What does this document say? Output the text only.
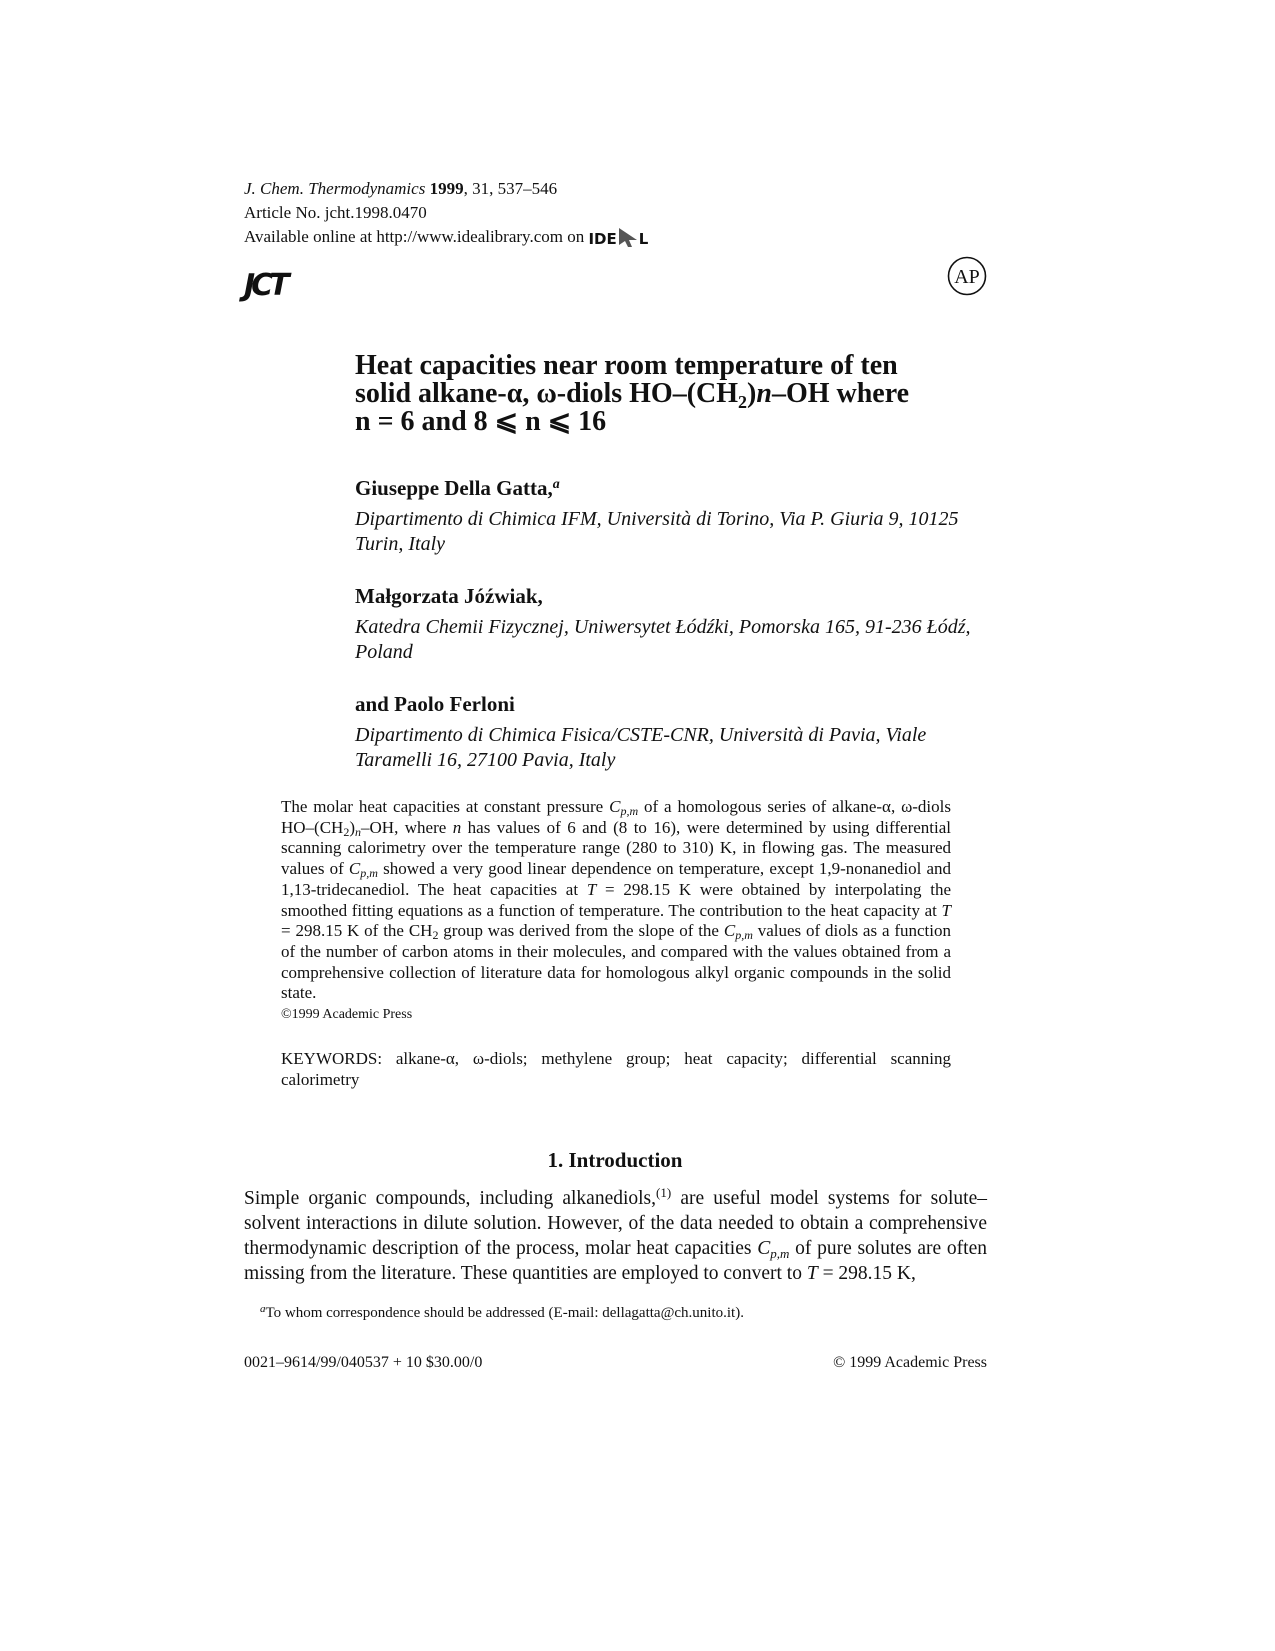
J. Chem. Thermodynamics 1999, 31, 537–546
Article No. jcht.1998.0470
Available online at http://www.idealibrary.com on IDE L
JCT	AP
Heat capacities near room temperature of ten
solid alkane-α, ω-diols $HO-(CH_2)n-OH$ where
n = 6 and 8 ⩽ n ⩽ 16
Giuseppe Della Gatta,$^a$
Dipartimento di Chimica IFM, Università di Torino, Via P. Giuria 9, 10125 Turin, Italy
Małgorzata Jóźwiak,
Katedra Chemii Fizycznej, Uniwersytet Łódźki, Pomorska 165, 91-236 Łódź, Poland
and Paolo Ferloni
Dipartimento di Chimica Fisica/CSTE-CNR, Università di Pavia, Viale Taramelli 16, 27100 Pavia, Italy
The molar heat capacities at constant pressure $C_{p,m}$ of a homologous series of alkane-α, ω-diols $HO-(CH_2)_n-OH$, where n has values of 6 and (8 to 16), were determined by using differential scanning calorimetry over the temperature range (280 to 310) K, in flowing gas. The measured values of $C_{p,m}$ showed a very good linear dependence on temperature, except 1,9-nonanediol and 1,13-tridecanediol. The heat capacities at T = 298.15 K were obtained by interpolating the smoothed fitting equations as a function of temperature. The contribution to the heat capacity at T = 298.15 K of the $CH_2$ group was derived from the slope of the $C_{p,m}$ values of diols as a function of the number of carbon atoms in their molecules, and compared with the values obtained from a comprehensive collection of literature data for homologous alkyl organic compounds in the solid state.
©1999 Academic Press
KEYWORDS: alkane-α, ω-diols; methylene group; heat capacity; differential scanning calorimetry
1. Introduction
Simple organic compounds, including alkanediols,$^{(1)}$ are useful model systems for solute–solvent interactions in dilute solution. However, of the data needed to obtain a comprehensive thermodynamic description of the process, molar heat capacities $C_{p,m}$ of pure solutes are often missing from the literature. These quantities are employed to convert to T = 298.15 K,
$^a$To whom correspondence should be addressed (E-mail: dellagatta@ch.unito.it).
0021–9614/99/040537 + 10 $30.00/0	© 1999 Academic Press
